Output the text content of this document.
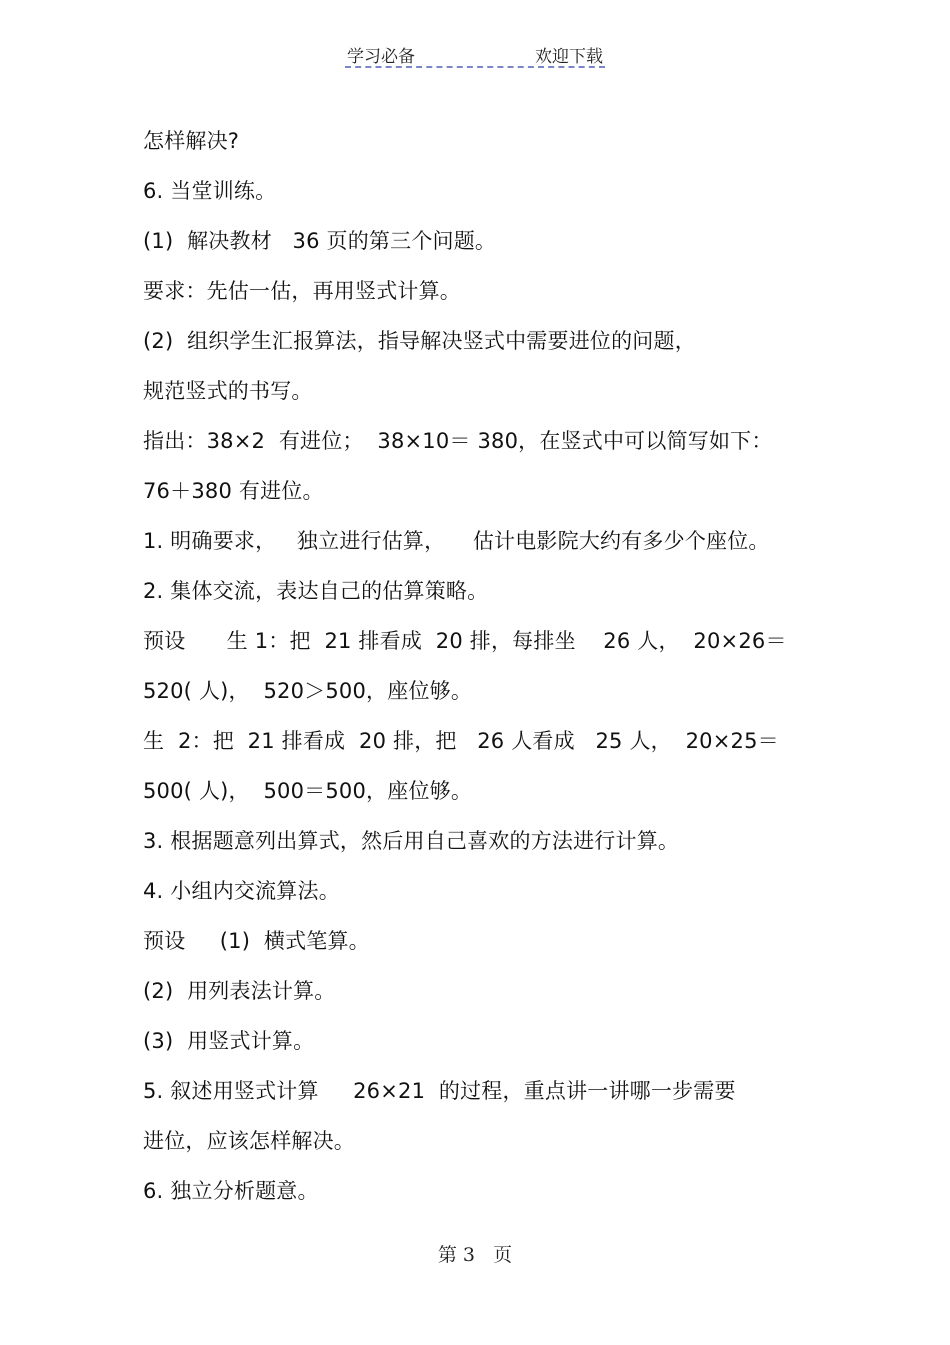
学习必备	欢迎下载
怎样解决?
6. 当堂训练。
(1)  解决教材   36 页的第三个问题。
要求：先估一估，再用竖式计算。
(2)  组织学生汇报算法，指导解决竖式中需要进位的问题，
规范竖式的书写。
指出：38×2  有进位；  38×10＝ 380，在竖式中可以简写如下：
76＋380 有进位。
1. 明确要求，   独立进行估算，    估计电影院大约有多少个座位。
2. 集体交流，表达自己的估算策略。
预设      生 1：把  21 排看成  20 排，每排坐    26 人，  20×26＝
520( 人)，  520＞500，座位够。
生  2：把  21 排看成  20 排，把   26 人看成   25 人，  20×25＝
500( 人)，  500＝500，座位够。
3. 根据题意列出算式，然后用自己喜欢的方法进行计算。
4. 小组内交流算法。
预设     (1)  横式笔算。
(2)  用列表法计算。
(3)  用竖式计算。
5. 叙述用竖式计算     26×21  的过程，重点讲一讲哪一步需要
进位，应该怎样解决。
6. 独立分析题意。
第 3   页
